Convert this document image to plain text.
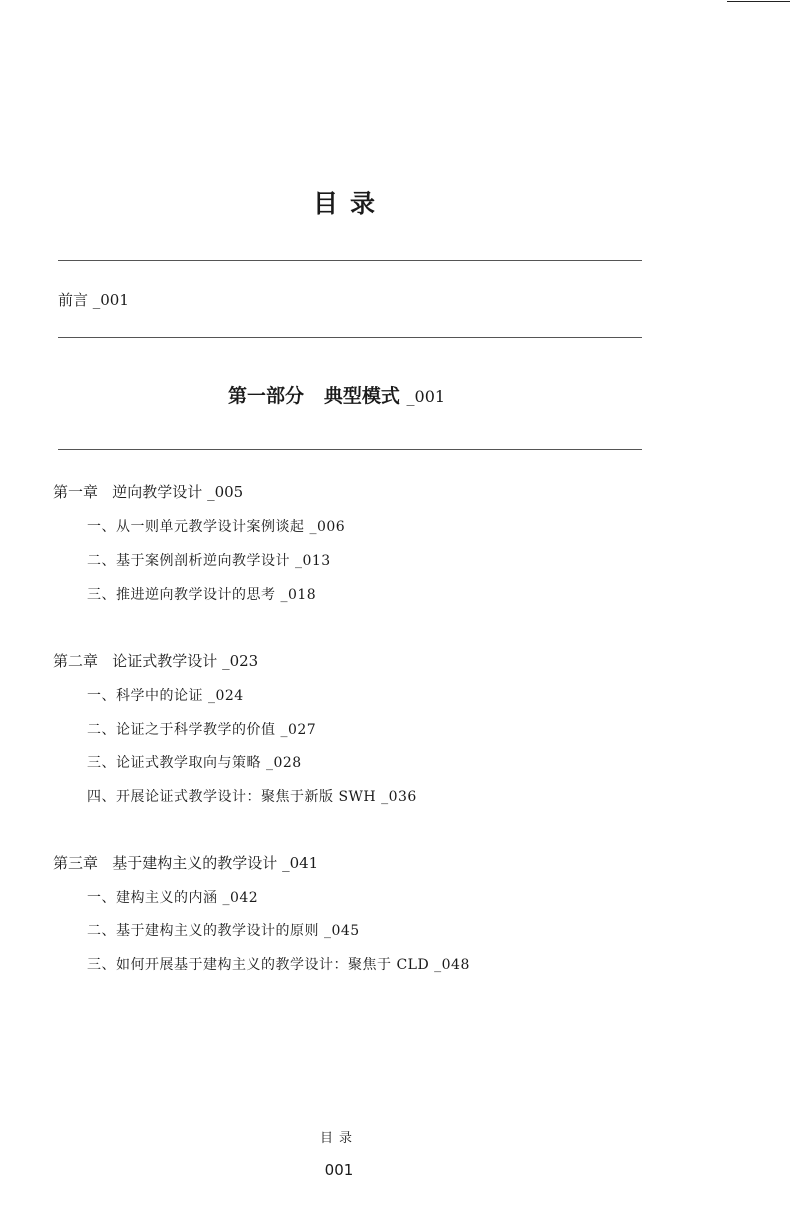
目录
前言 _001
第一部分 典型模式 _001
第一章   逆向教学设计 _005
一、从一则单元教学设计案例谈起 _006
二、基于案例剖析逆向教学设计 _013
三、推进逆向教学设计的思考 _018
第二章   论证式教学设计 _023
一、科学中的论证 _024
二、论证之于科学教学的价值 _027
三、论证式教学取向与策略 _028
四、开展论证式教学设计：聚焦于新版 SWH _036
第三章   基于建构主义的教学设计 _041
一、建构主义的内涵 _042
二、基于建构主义的教学设计的原则 _045
三、如何开展基于建构主义的教学设计：聚焦于 CLD _048
目录
001
